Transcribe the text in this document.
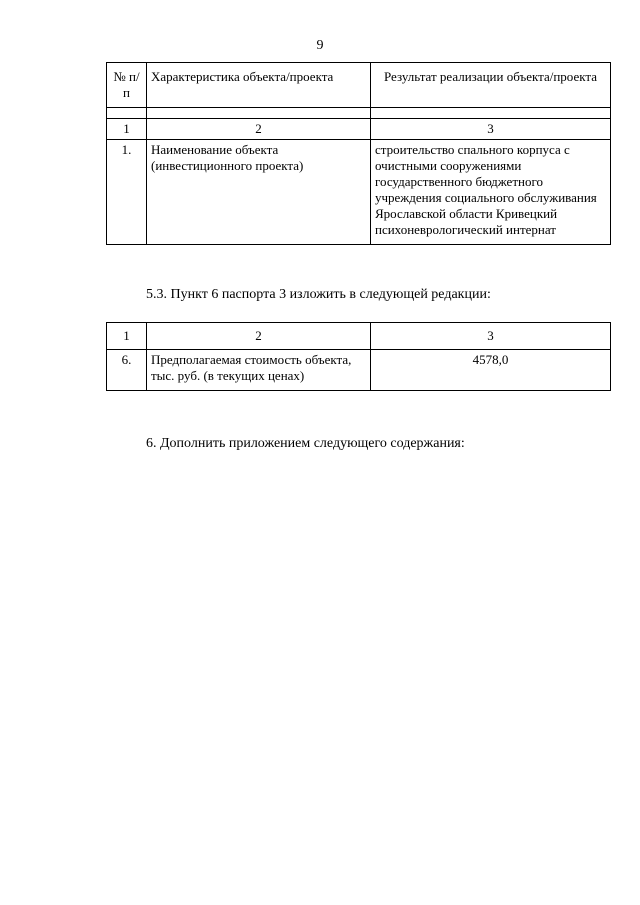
9
№ п/п	Характеристика объекта/проекта	Результат реализации объекта/проекта

1	2	3
1.	Наименование объекта (инвестиционного проекта)	строительство спального корпуса с очистными сооружениями государственного бюджетного учреждения социального обслуживания Ярославской области Кривецкий психоневрологический интернат
5.3. Пункт 6 паспорта 3 изложить в следующей редакции:
1	2	3
6.	Предполагаемая стоимость объекта, тыс. руб. (в текущих ценах)	4578,0
6. Дополнить приложением следующего содержания:
